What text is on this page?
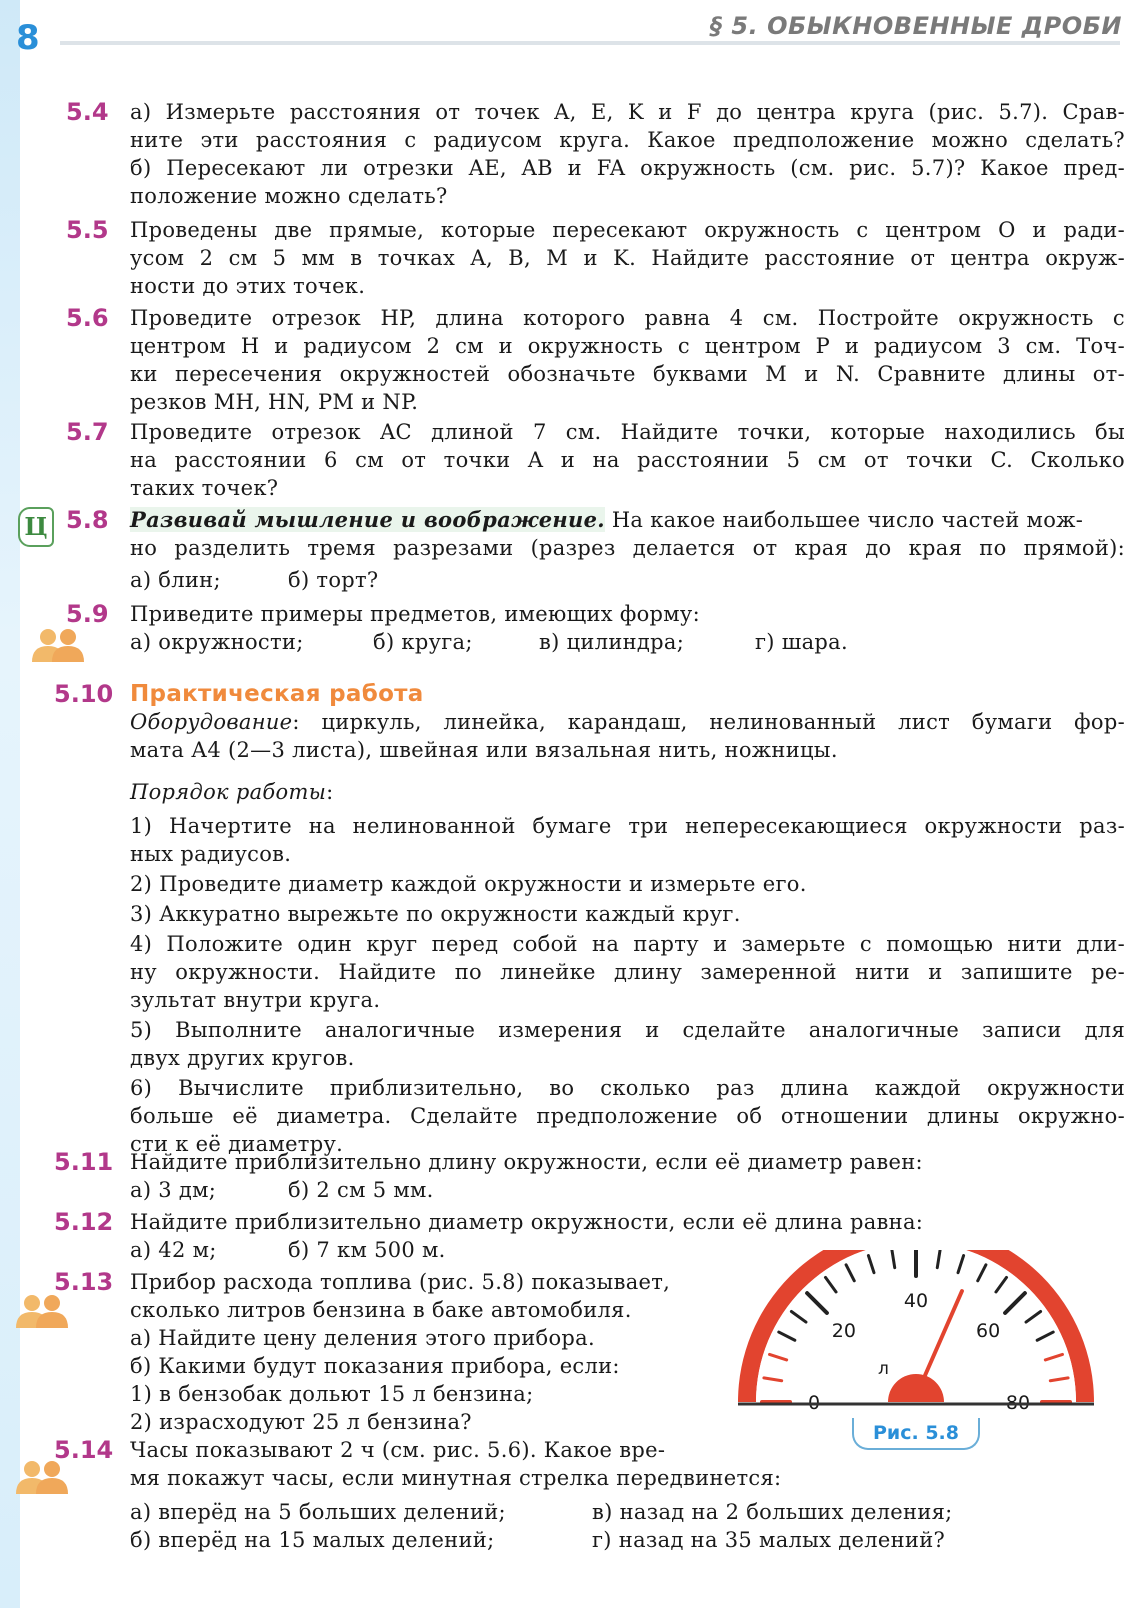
8	§ 5. ОБЫКНОВЕННЫЕ ДРОБИ
5.4 а) Измерьте расстояния от точек A, E, K и F до центра круга (рис. 5.7). Срав-
ните эти расстояния с радиусом круга. Какое предположение можно сделать?
б) Пересекают ли отрезки AE, AB и FA окружность (см. рис. 5.7)? Какое пред-
положение можно сделать?
5.5 Проведены две прямые, которые пересекают окружность с центром O и ради-
усом 2 см 5 мм в точках A, B, M и K. Найдите расстояние от центра окруж-
ности до этих точек.
5.6 Проведите отрезок HP, длина которого равна 4 см. Постройте окружность с
центром H и радиусом 2 см и окружность с центром P и радиусом 3 см. Точ-
ки пересечения окружностей обозначьте буквами M и N. Сравните длины от-
резков MH, HN, PM и NP.
5.7 Проведите отрезок AC длиной 7 см. Найдите точки, которые находились бы
на расстоянии 6 см от точки A и на расстоянии 5 см от точки C. Сколько
таких точек?
Ц 5.8 Развивай мышление и воображение. На какое наибольшее число частей мож-
но разделить тремя разрезами (разрез делается от края до края по прямой):
а) блин;	б) торт?
5.9 Приведите примеры предметов, имеющих форму:
а) окружности;	б) круга;	в) цилиндра;	г) шара.
5.10 Практическая работа
Оборудование: циркуль, линейка, карандаш, нелинованный лист бумаги фор-
мата А4 (2—3 листа), швейная или вязальная нить, ножницы.
Порядок работы:
1) Начертите на нелинованной бумаге три непересекающиеся окружности раз-
ных радиусов.
2) Проведите диаметр каждой окружности и измерьте его.
3) Аккуратно вырежьте по окружности каждый круг.
4) Положите один круг перед собой на парту и замерьте с помощью нити дли-
ну окружности. Найдите по линейке длину замеренной нити и запишите ре-
зультат внутри круга.
5) Выполните аналогичные измерения и сделайте аналогичные записи для
двух других кругов.
6) Вычислите приблизительно, во сколько раз длина каждой окружности
больше её диаметра. Сделайте предположение об отношении длины окружно-
сти к её диаметру.
5.11 Найдите приблизительно длину окружности, если её диаметр равен:
а) 3 дм;	б) 2 см 5 мм.
5.12 Найдите приблизительно диаметр окружности, если её длина равна:
а) 42 м;	б) 7 км 500 м.
5.13 Прибор расхода топлива (рис. 5.8) показывает,
сколько литров бензина в баке автомобиля.
а) Найдите цену деления этого прибора.
б) Какими будут показания прибора, если:
1) в бензобак дольют 15 л бензина;
2) израсходуют 25 л бензина?
0
20
40
60
80
л
Рис. 5.8
5.14 Часы показывают 2 ч (см. рис. 5.6). Какое вре-
мя покажут часы, если минутная стрелка передвинется:
а) вперёд на 5 больших делений;	в) назад на 2 больших деления;
б) вперёд на 15 малых делений;	г) назад на 35 малых делений?
